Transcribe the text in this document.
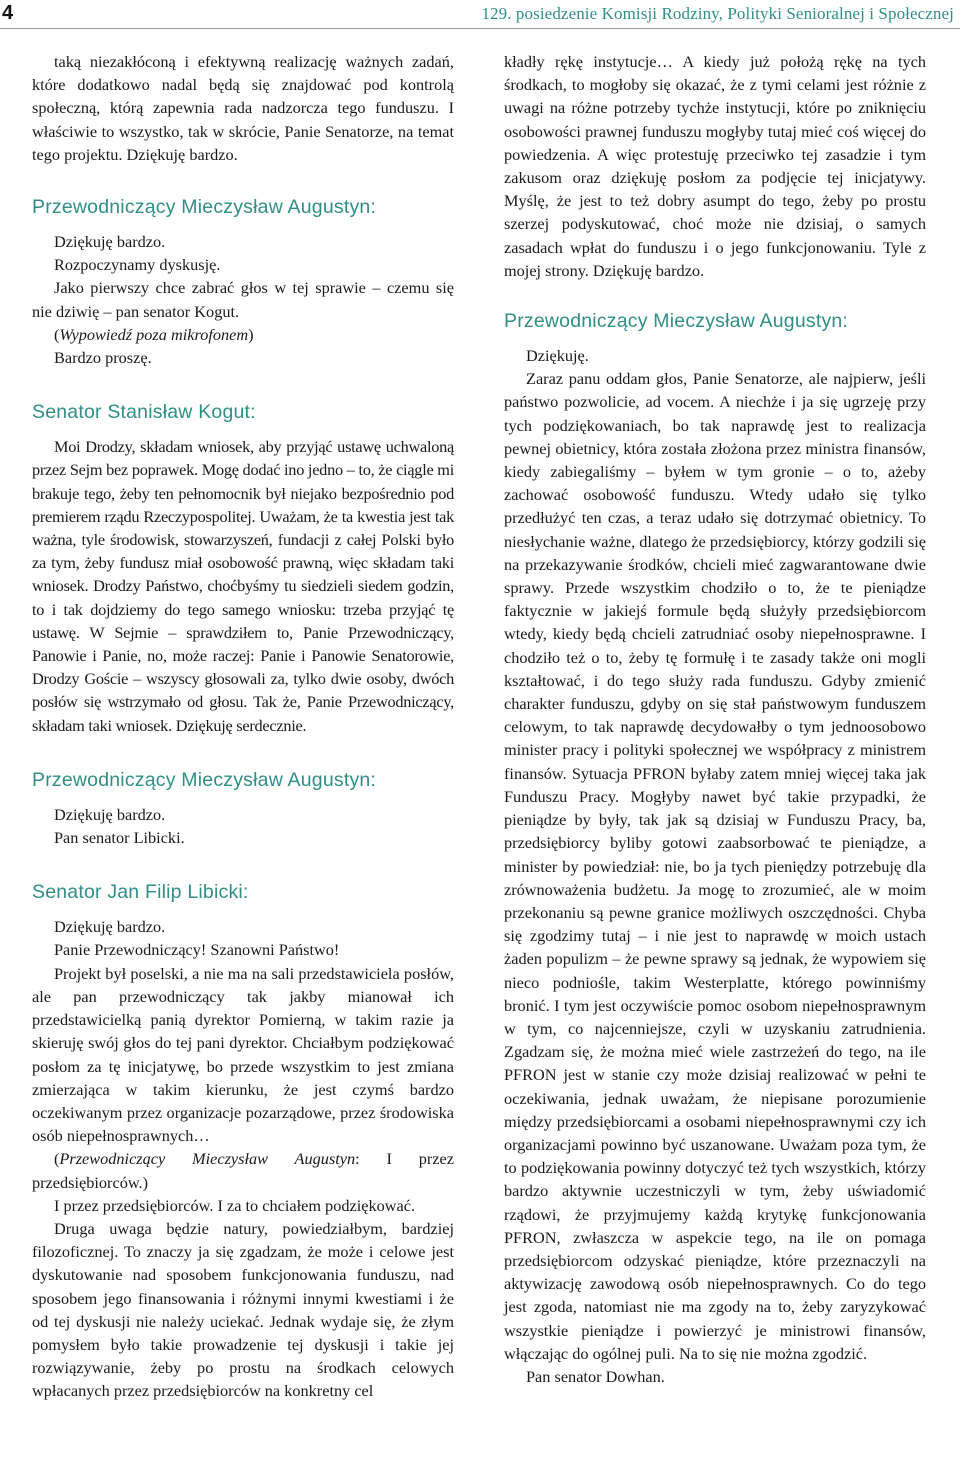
4	129. posiedzenie Komisji Rodziny, Polityki Senioralnej i Społecznej

taką niezakłóconą i efektywną realizację ważnych zadań, które dodatkowo nadal będą się znajdować pod kontrolą społeczną, którą zapewnia rada nadzorcza tego funduszu. I właściwie to wszystko, tak w skrócie, Panie Senatorze, na temat tego projektu. Dziękuję bardzo.

Przewodniczący Mieczysław Augustyn:

Dziękuję bardzo.

Rozpoczynamy dyskusję.

Jako pierwszy chce zabrać głos w tej sprawie – czemu się nie dziwię – pan senator Kogut.

(Wypowiedź poza mikrofonem)

Bardzo proszę.

Senator Stanisław Kogut:

Moi Drodzy, składam wniosek, aby przyjąć ustawę uchwaloną przez Sejm bez poprawek. Mogę dodać ino jedno – to, że ciągle mi brakuje tego, żeby ten pełnomocnik był niejako bezpośrednio pod premierem rządu Rzeczypospolitej. Uważam, że ta kwestia jest tak ważna, tyle środowisk, stowarzyszeń, fundacji z całej Polski było za tym, żeby fundusz miał osobowość prawną, więc składam taki wniosek. Drodzy Państwo, choćbyśmy tu siedzieli siedem godzin, to i tak dojdziemy do tego samego wniosku: trzeba przyjąć tę ustawę. W Sejmie – sprawdziłem to, Panie Przewodniczący, Panowie i Panie, no, może raczej: Panie i Panowie Senatorowie, Drodzy Goście – wszyscy głosowali za, tylko dwie osoby, dwóch posłów się wstrzymało od głosu. Tak że, Panie Przewodniczący, składam taki wniosek. Dziękuję serdecznie.

Przewodniczący Mieczysław Augustyn:

Dziękuję bardzo.

Pan senator Libicki.

Senator Jan Filip Libicki:

Dziękuję bardzo.

Panie Przewodniczący! Szanowni Państwo!

Projekt był poselski, a nie ma na sali przedstawiciela posłów, ale pan przewodniczący tak jakby mianował ich przedstawicielką panią dyrektor Pomierną, w takim razie ja skieruję swój głos do tej pani dyrektor. Chciałbym podziękować posłom za tę inicjatywę, bo przede wszystkim to jest zmiana zmierzająca w takim kierunku, że jest czymś bardzo oczekiwanym przez organizacje pozarządowe, przez środowiska osób niepełnosprawnych…

(Przewodniczący Mieczysław Augustyn: I przez przedsiębiorców.)

I przez przedsiębiorców. I za to chciałem podziękować.

Druga uwaga będzie natury, powiedziałbym, bardziej filozoficznej. To znaczy ja się zgadzam, że może i celowe jest dyskutowanie nad sposobem funkcjonowania funduszu, nad sposobem jego finansowania i różnymi innymi kwestiami i że od tej dyskusji nie należy uciekać. Jednak wydaje się, że złym pomysłem było takie prowadzenie tej dyskusji i takie jej rozwiązywanie, żeby po prostu na środkach celowych wpłacanych przez przedsiębiorców na konkretny cel

kładły rękę instytucje… A kiedy już położą rękę na tych środkach, to mogłoby się okazać, że z tymi celami jest różnie z uwagi na różne potrzeby tychże instytucji, które po zniknięciu osobowości prawnej funduszu mogłyby tutaj mieć coś więcej do powiedzenia. A więc protestuję przeciwko tej zasadzie i tym zakusom oraz dziękuję posłom za podjęcie tej inicjatywy. Myślę, że jest to też dobry asumpt do tego, żeby po prostu szerzej podyskutować, choć może nie dzisiaj, o samych zasadach wpłat do funduszu i o jego funkcjonowaniu. Tyle z mojej strony. Dziękuję bardzo.

Przewodniczący Mieczysław Augustyn:

Dziękuję.

Zaraz panu oddam głos, Panie Senatorze, ale najpierw, jeśli państwo pozwolicie, ad vocem. A niechże i ja się ugrzeję przy tych podziękowaniach, bo tak naprawdę jest to realizacja pewnej obietnicy, która została złożona przez ministra finansów, kiedy zabiegaliśmy – byłem w tym gronie – o to, ażeby zachować osobowość funduszu. Wtedy udało się tylko przedłużyć ten czas, a teraz udało się dotrzymać obietnicy. To niesłychanie ważne, dlatego że przedsiębiorcy, którzy godzili się na przekazywanie środków, chcieli mieć zagwarantowane dwie sprawy. Przede wszystkim chodziło o to, że te pieniądze faktycznie w jakiejś formule będą służyły przedsiębiorcom wtedy, kiedy będą chcieli zatrudniać osoby niepełnosprawne. I chodziło też o to, żeby tę formułę i te zasady także oni mogli kształtować, i do tego służy rada funduszu. Gdyby zmienić charakter funduszu, gdyby on się stał państwowym funduszem celowym, to tak naprawdę decydowałby o tym jednoosobowo minister pracy i polityki społecznej we współpracy z ministrem finansów. Sytuacja PFRON byłaby zatem mniej więcej taka jak Funduszu Pracy. Mogłyby nawet być takie przypadki, że pieniądze by były, tak jak są dzisiaj w Funduszu Pracy, ba, przedsiębiorcy byliby gotowi zaabsorbować te pieniądze, a minister by powiedział: nie, bo ja tych pieniędzy potrzebuję dla zrównoważenia budżetu. Ja mogę to zrozumieć, ale w moim przekonaniu są pewne granice możliwych oszczędności. Chyba się zgodzimy tutaj – i nie jest to naprawdę w moich ustach żaden populizm – że pewne sprawy są jednak, że wypowiem się nieco podniośle, takim Westerplatte, którego powinniśmy bronić. I tym jest oczywiście pomoc osobom niepełnosprawnym w tym, co najcenniejsze, czyli w uzyskaniu zatrudnienia. Zgadzam się, że można mieć wiele zastrzeżeń do tego, na ile PFRON jest w stanie czy może dzisiaj realizować w pełni te oczekiwania, jednak uważam, że niepisane porozumienie między przedsiębiorcami a osobami niepełnosprawnymi czy ich organizacjami powinno być uszanowane. Uważam poza tym, że to podziękowania powinny dotyczyć też tych wszystkich, którzy bardzo aktywnie uczestniczyli w tym, żeby uświadomić rządowi, że przyjmujemy każdą krytykę funkcjonowania PFRON, zwłaszcza w aspekcie tego, na ile on pomaga przedsiębiorcom odzyskać pieniądze, które przeznaczyli na aktywizację zawodową osób niepełnosprawnych. Co do tego jest zgoda, natomiast nie ma zgody na to, żeby zaryzykować wszystkie pieniądze i powierzyć je ministrowi finansów, włączając do ogólnej puli. Na to się nie można zgodzić.

Pan senator Dowhan.
